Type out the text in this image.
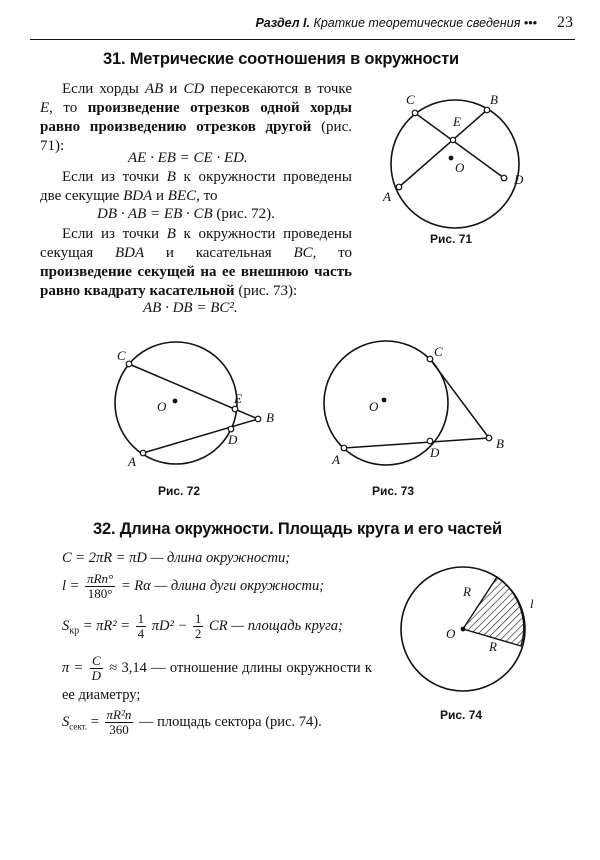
Раздел I. Краткие теоретические сведения ••• 23
31. Метрические соотношения в окружности

Если хорды AB и CD пересекаются в точке E, то произведение отрезков одной хорды равно произведению отрезков другой (рис. 71):

AE · EB = CE · ED.

Если из точки B к окружности проведены две секущие BDA и BEC, то

DB · AB = EB · CB (рис. 72).

Если из точки B к окружности проведены секущая BDA и касательная BC, то произведение секущей на ее внешнюю часть равно квадрату касательной (рис. 73):

AB · DB = BC².
C	B
E
O
D
A
Рис. 71
C
O
E
B
D
A
Рис. 72
C
O
B
D
A
Рис. 73
32. Длина окружности. Площадь круга и его частей
C = 2πR = πD — длина окружности;
$l = \frac{\text{πRn°}}{180^\circ} = R\alpha$ — длина дуги окружности;
$S_{кр} = \pi R^2 = \frac{1}{4} \pi D^2 - \frac{1}{2}$ CR — площадь круга;
$\pi = \frac{C}{D} \approx 3,14$ — отношение длины окружности к ее диаметру;
$S_{сект.} = \frac{\text{πR²n}}{360}$ — площадь сектора (рис. 74).
R
R
O
l
Рис. 74
